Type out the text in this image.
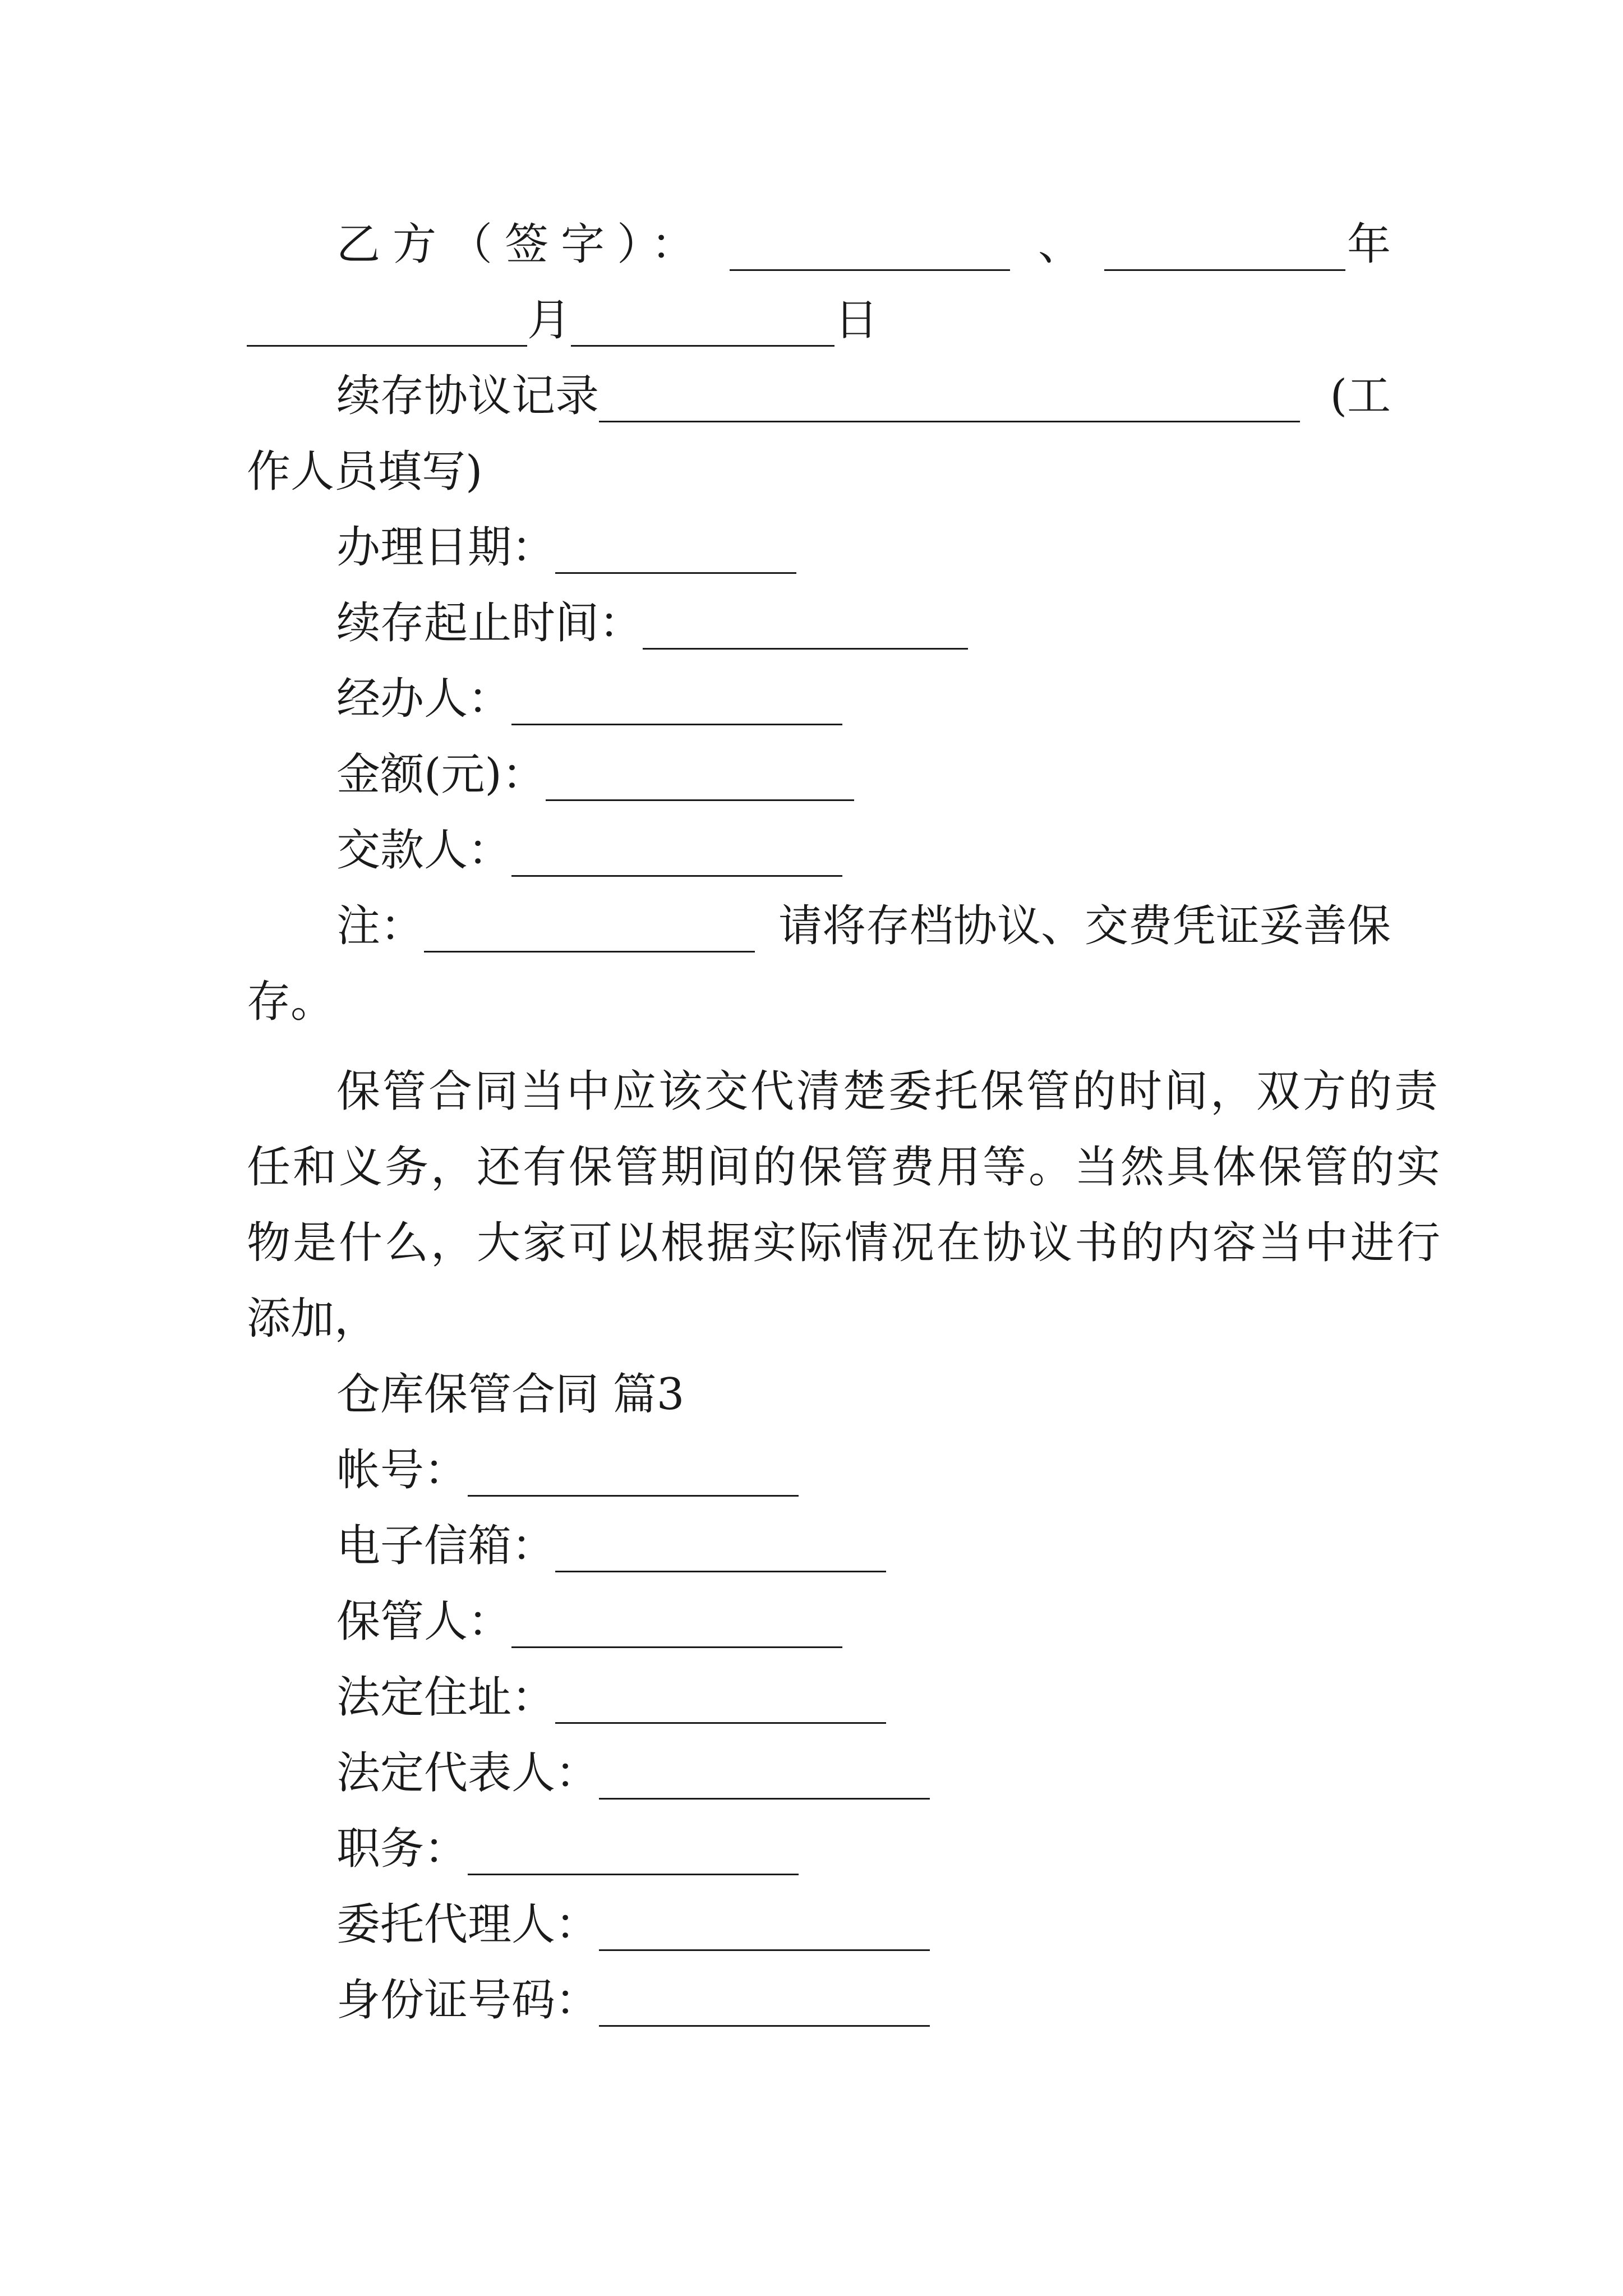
乙方（签字）：	、	年
月	日
续存协议记录	(工
作人员填写)
办理日期：
续存起止时间：
经办人：
金额(元)：
交款人：
注：	请将存档协议、交费凭证妥善保
存。
保管合同当中应该交代清楚委托保管的时间，双方的责
任和义务，还有保管期间的保管费用等。当然具体保管的实
物是什么，大家可以根据实际情况在协议书的内容当中进行
添加，
仓库保管合同 篇3
帐号：
电子信箱：
保管人：
法定住址：
法定代表人：
职务：
委托代理人：
身份证号码：
